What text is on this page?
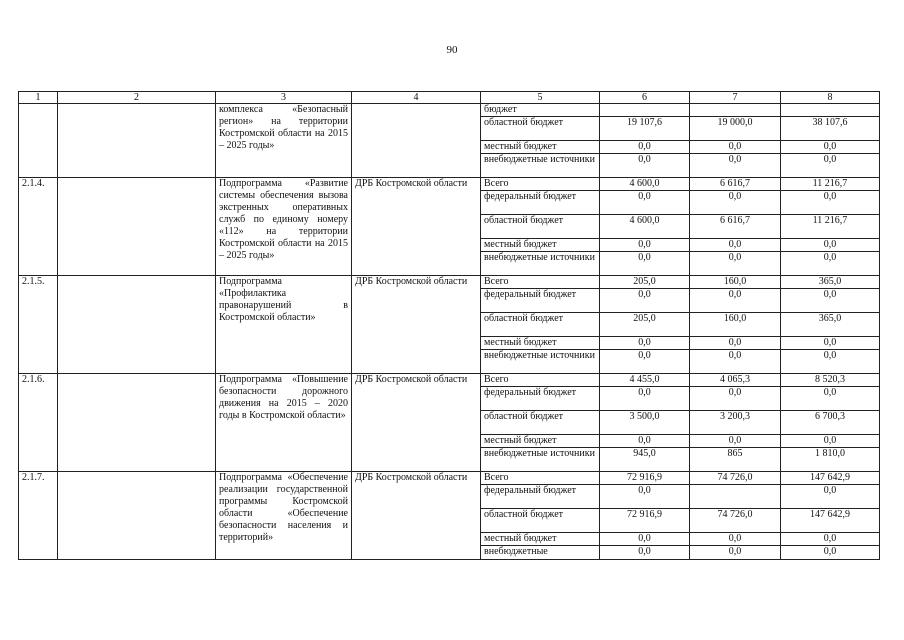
90
1	2	3	4	5	6	7	8
		комплекса «Безопасный регион» на территории Костромской области на 2015 – 2025 годы»		бюджет			
				областной бюджет	19 107,6	19 000,0	38 107,6
				местный бюджет	0,0	0,0	0,0
				внебюджетные источники	0,0	0,0	0,0
2.1.4.		Подпрограмма «Развитие системы обеспечения вызова экстренных оперативных служб по единому номеру «112» на территории Костромской области на 2015 – 2025 годы»	ДРБ Костромской области	Всего	4 600,0	6 616,7	11 216,7
				федеральный бюджет	0,0	0,0	0,0
				областной бюджет	4 600,0	6 616,7	11 216,7
				местный бюджет	0,0	0,0	0,0
				внебюджетные источники	0,0	0,0	0,0
2.1.5.		Подпрограмма «Профилактика правонарушений в Костромской области»	ДРБ Костромской области	Всего	205,0	160,0	365,0
				федеральный бюджет	0,0	0,0	0,0
				областной бюджет	205,0	160,0	365,0
				местный бюджет	0,0	0,0	0,0
				внебюджетные источники	0,0	0,0	0,0
2.1.6.		Подпрограмма «Повышение безопасности дорожного движения на 2015 – 2020 годы в Костромской области»	ДРБ Костромской области	Всего	4 455,0	4 065,3	8 520,3
				федеральный бюджет	0,0	0,0	0,0
				областной бюджет	3 500,0	3 200,3	6 700,3
				местный бюджет	0,0	0,0	0,0
				внебюджетные источники	945,0	865	1 810,0
2.1.7.		Подпрограмма «Обеспечение реализации государственной программы Костромской области «Обеспечение безопасности населения и территорий»	ДРБ Костромской области	Всего	72 916,9	74 726,0	147 642,9
				федеральный бюджет	0,0		0,0
				областной бюджет	72 916,9	74 726,0	147 642,9
				местный бюджет	0,0	0,0	0,0
				внебюджетные	0,0	0,0	0,0
